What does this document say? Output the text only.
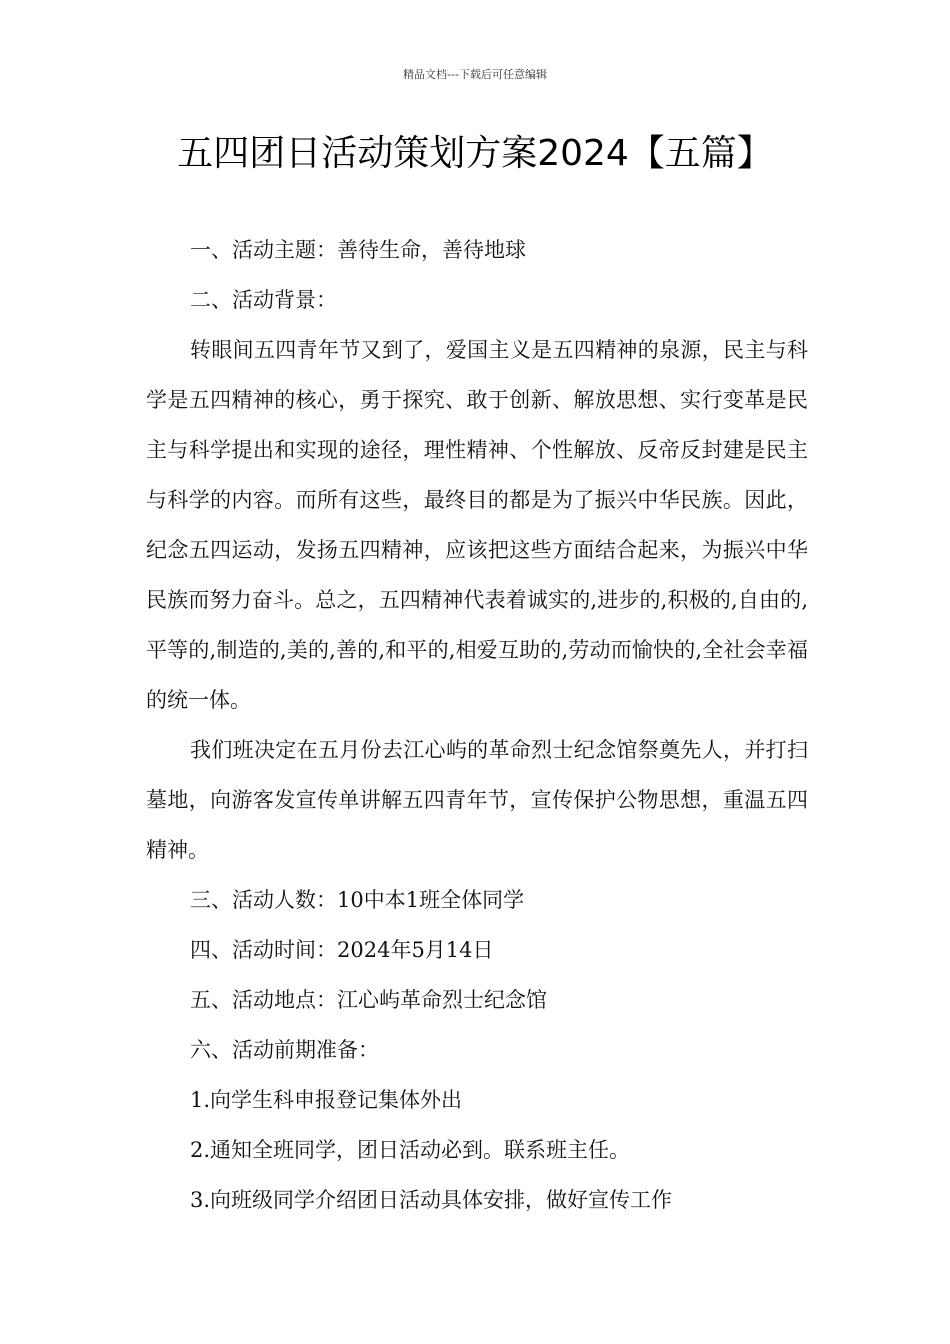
精品文档---下载后可任意编辑
五四团日活动策划方案2024【五篇】

一、活动主题：善待生命，善待地球

二、活动背景：

转眼间五四青年节又到了，爱国主义是五四精神的泉源，民主与科学是五四精神的核心，勇于探究、敢于创新、解放思想、实行变革是民主与科学提出和实现的途径，理性精神、个性解放、反帝反封建是民主与科学的内容。而所有这些，最终目的都是为了振兴中华民族。因此，纪念五四运动，发扬五四精神，应该把这些方面结合起来，为振兴中华民族而努力奋斗。总之，五四精神代表着诚实的,进步的,积极的,自由的,平等的,制造的,美的,善的,和平的,相爱互助的,劳动而愉快的,全社会幸福的统一体。

我们班决定在五月份去江心屿的革命烈士纪念馆祭奠先人，并打扫墓地，向游客发宣传单讲解五四青年节，宣传保护公物思想，重温五四精神。

三、活动人数：10中本1班全体同学

四、活动时间：2024年5月14日

五、活动地点：江心屿革命烈士纪念馆

六、活动前期准备：

1.向学生科申报登记集体外出

2.通知全班同学，团日活动必到。联系班主任。

3.向班级同学介绍团日活动具体安排，做好宣传工作
